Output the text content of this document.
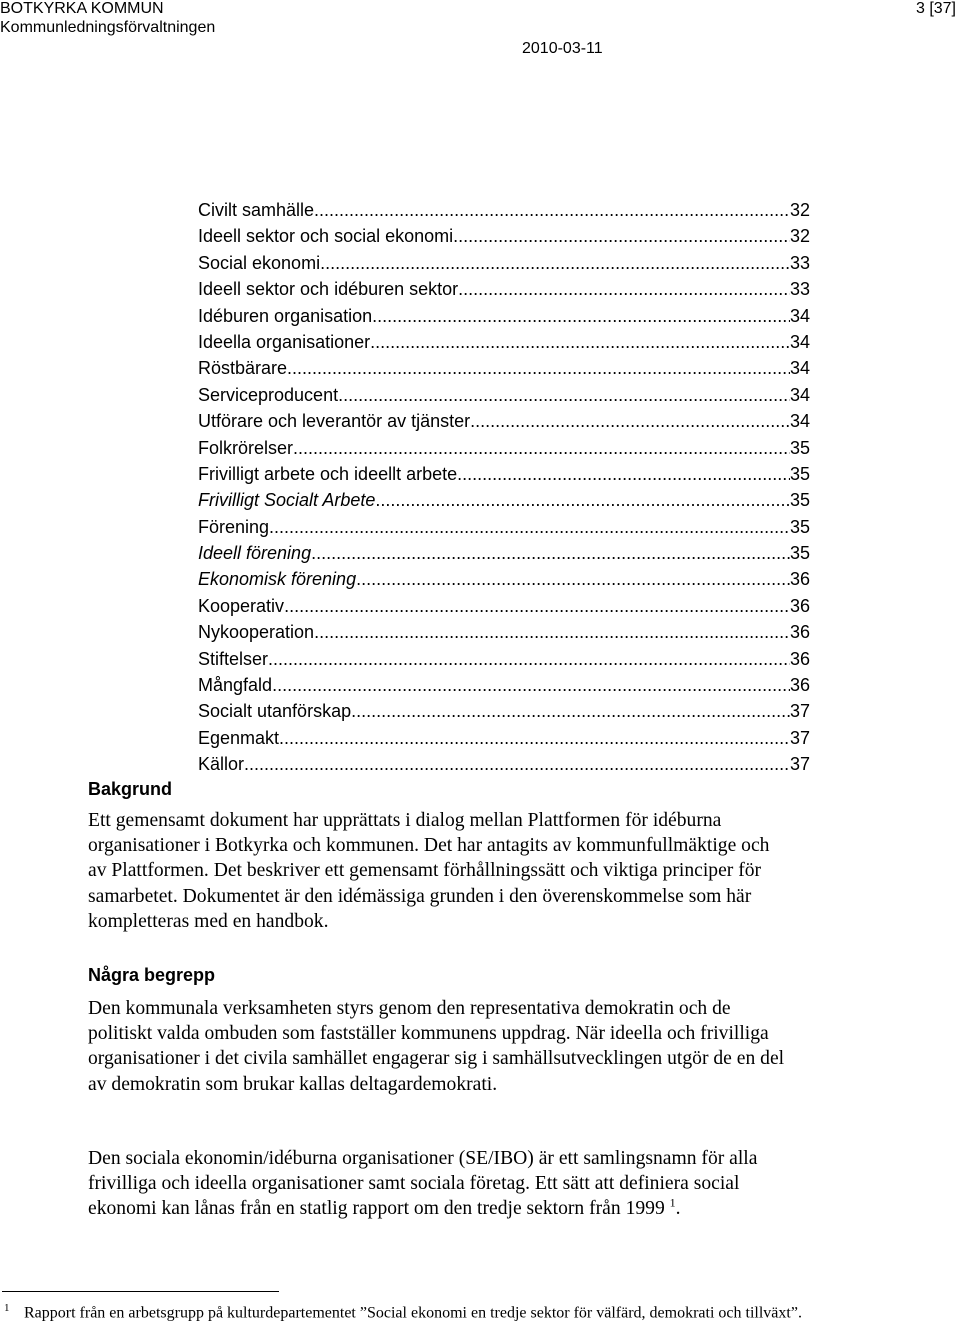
BOTKYRKA KOMMUN
Kommunledningsförvaltningen
3 [37]
2010-03-11
Civilt samhälle .....	32
Ideell sektor och social ekonomi .....	32
Social ekonomi .....	33
Ideell sektor och idéburen sektor .....	33
Idéburen organisation .....	34
Ideella organisationer .....	34
Röstbärare .....	34
Serviceproducent .....	34
Utförare och leverantör av tjänster .....	34
Folkrörelser .....	35
Frivilligt arbete och ideellt arbete .....	35
Frivilligt Socialt Arbete .....	35
Förening .....	35
Ideell förening .....	35
Ekonomisk förening .....	36
Kooperativ .....	36
Nykooperation .....	36
Stiftelser .....	36
Mångfald .....	36
Socialt utanförskap .....	37
Egenmakt .....	37
Källor .....	37
Bakgrund

Ett gemensamt dokument har upprättats i dialog mellan Plattformen för idéburna organisationer i Botkyrka och kommunen. Det har antagits av kommunfullmäktige och av Plattformen. Det beskriver ett gemensamt förhållningssätt och viktiga principer för samarbetet. Dokumentet är den idémässiga grunden i den överenskommelse som här kompletteras med en handbok.

Några begrepp

Den kommunala verksamheten styrs genom den representativa demokratin och de politiskt valda ombuden som fastställer kommunens uppdrag. När ideella och frivilliga organisationer i det civila samhället engagerar sig i samhällsutvecklingen utgör de en del av demokratin som brukar kallas deltagardemokrati.

Den sociala ekonomin/idéburna organisationer (SE/IBO) är ett samlingsnamn för alla frivilliga och ideella organisationer samt sociala företag. Ett sätt att definiera social ekonomi kan lånas från en statlig rapport om den tredje sektorn från 1999 $^1$.

1 Rapport från en arbetsgrupp på kulturdepartementet ”Social ekonomi en tredje sektor för välfärd, demokrati och tillväxt”.
